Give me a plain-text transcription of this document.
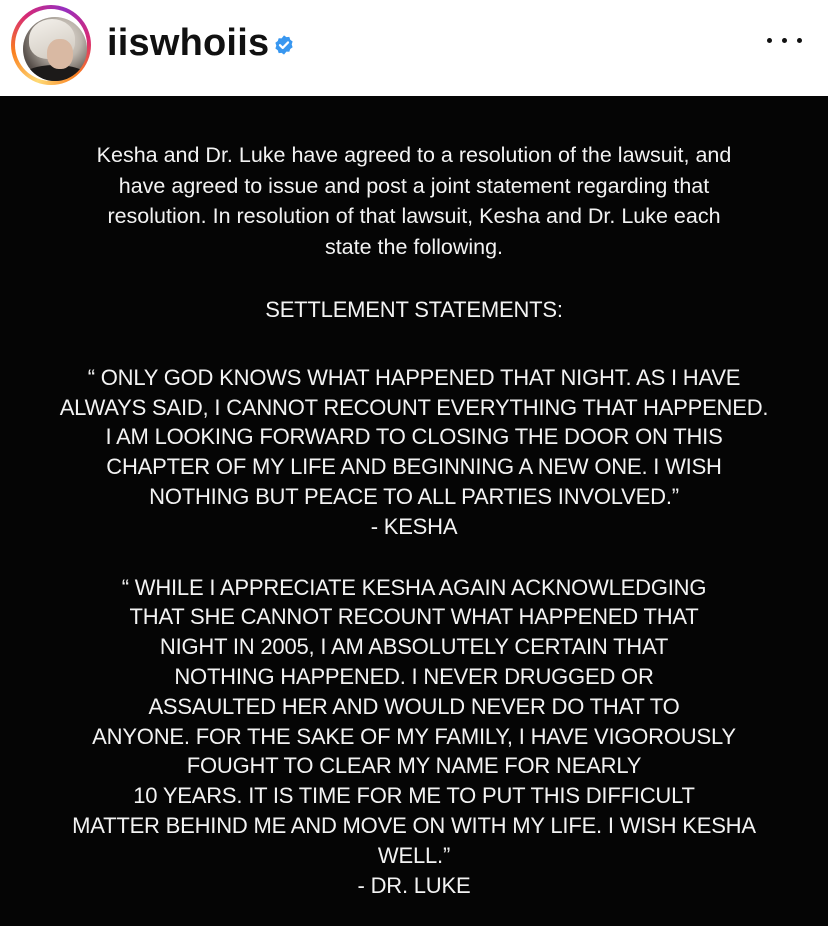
iiswhoiis

Kesha and Dr. Luke have agreed to a resolution of the lawsuit, and
have agreed to issue and post a joint statement regarding that
resolution. In resolution of that lawsuit, Kesha and Dr. Luke each
state the following.

SETTLEMENT STATEMENTS:

“ ONLY GOD KNOWS WHAT HAPPENED THAT NIGHT. AS I HAVE
ALWAYS SAID, I CANNOT RECOUNT EVERYTHING THAT HAPPENED.
I AM LOOKING FORWARD TO CLOSING THE DOOR ON THIS
CHAPTER OF MY LIFE AND BEGINNING A NEW ONE. I WISH
NOTHING BUT PEACE TO ALL PARTIES INVOLVED.”
- KESHA

“ WHILE I APPRECIATE KESHA AGAIN ACKNOWLEDGING
THAT SHE CANNOT RECOUNT WHAT HAPPENED THAT
NIGHT IN 2005, I AM ABSOLUTELY CERTAIN THAT
NOTHING HAPPENED. I NEVER DRUGGED OR
ASSAULTED HER AND WOULD NEVER DO THAT TO
ANYONE. FOR THE SAKE OF MY FAMILY, I HAVE VIGOROUSLY
FOUGHT TO CLEAR MY NAME FOR NEARLY
10 YEARS. IT IS TIME FOR ME TO PUT THIS DIFFICULT
MATTER BEHIND ME AND MOVE ON WITH MY LIFE. I WISH KESHA
WELL.”
- DR. LUKE
